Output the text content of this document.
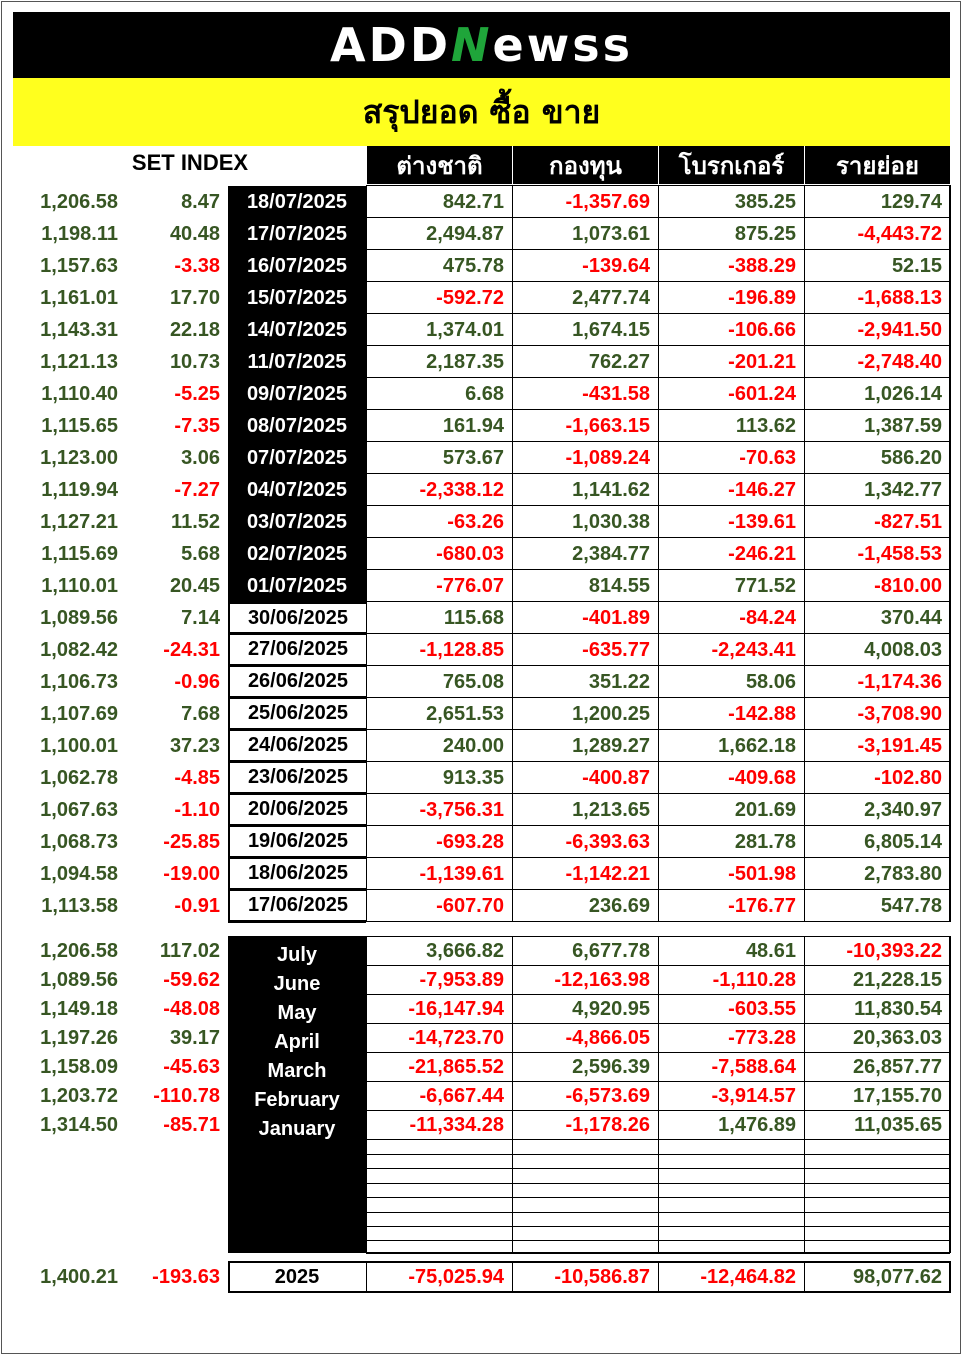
ADDNewss
สรุปยอด ซื้อ ขาย
SET INDEX	ต่างชาติ	กองทุน	โบรกเกอร์	รายย่อย
1,206.58	8.47	18/07/2025	842.71	-1,357.69	385.25	129.74
1,198.11	40.48	17/07/2025	2,494.87	1,073.61	875.25	-4,443.72
1,157.63	-3.38	16/07/2025	475.78	-139.64	-388.29	52.15
1,161.01	17.70	15/07/2025	-592.72	2,477.74	-196.89	-1,688.13
1,143.31	22.18	14/07/2025	1,374.01	1,674.15	-106.66	-2,941.50
1,121.13	10.73	11/07/2025	2,187.35	762.27	-201.21	-2,748.40
1,110.40	-5.25	09/07/2025	6.68	-431.58	-601.24	1,026.14
1,115.65	-7.35	08/07/2025	161.94	-1,663.15	113.62	1,387.59
1,123.00	3.06	07/07/2025	573.67	-1,089.24	-70.63	586.20
1,119.94	-7.27	04/07/2025	-2,338.12	1,141.62	-146.27	1,342.77
1,127.21	11.52	03/07/2025	-63.26	1,030.38	-139.61	-827.51
1,115.69	5.68	02/07/2025	-680.03	2,384.77	-246.21	-1,458.53
1,110.01	20.45	01/07/2025	-776.07	814.55	771.52	-810.00
1,089.56	7.14	30/06/2025	115.68	-401.89	-84.24	370.44
1,082.42	-24.31	27/06/2025	-1,128.85	-635.77	-2,243.41	4,008.03
1,106.73	-0.96	26/06/2025	765.08	351.22	58.06	-1,174.36
1,107.69	7.68	25/06/2025	2,651.53	1,200.25	-142.88	-3,708.90
1,100.01	37.23	24/06/2025	240.00	1,289.27	1,662.18	-3,191.45
1,062.78	-4.85	23/06/2025	913.35	-400.87	-409.68	-102.80
1,067.63	-1.10	20/06/2025	-3,756.31	1,213.65	201.69	2,340.97
1,068.73	-25.85	19/06/2025	-693.28	-6,393.63	281.78	6,805.14
1,094.58	-19.00	18/06/2025	-1,139.61	-1,142.21	-501.98	2,783.80
1,113.58	-0.91	17/06/2025	-607.70	236.69	-176.77	547.78
1,206.58	117.02	July	3,666.82	6,677.78	48.61	-10,393.22
1,089.56	-59.62	June	-7,953.89	-12,163.98	-1,110.28	21,228.15
1,149.18	-48.08	May	-16,147.94	4,920.95	-603.55	11,830.54
1,197.26	39.17	April	-14,723.70	-4,866.05	-773.28	20,363.03
1,158.09	-45.63	March	-21,865.52	2,596.39	-7,588.64	26,857.77
1,203.72	-110.78	February	-6,667.44	-6,573.69	-3,914.57	17,155.70
1,314.50	-85.71	January	-11,334.28	-1,178.26	1,476.89	11,035.65
1,400.21	-193.63	2025	-75,025.94	-10,586.87	-12,464.82	98,077.62
